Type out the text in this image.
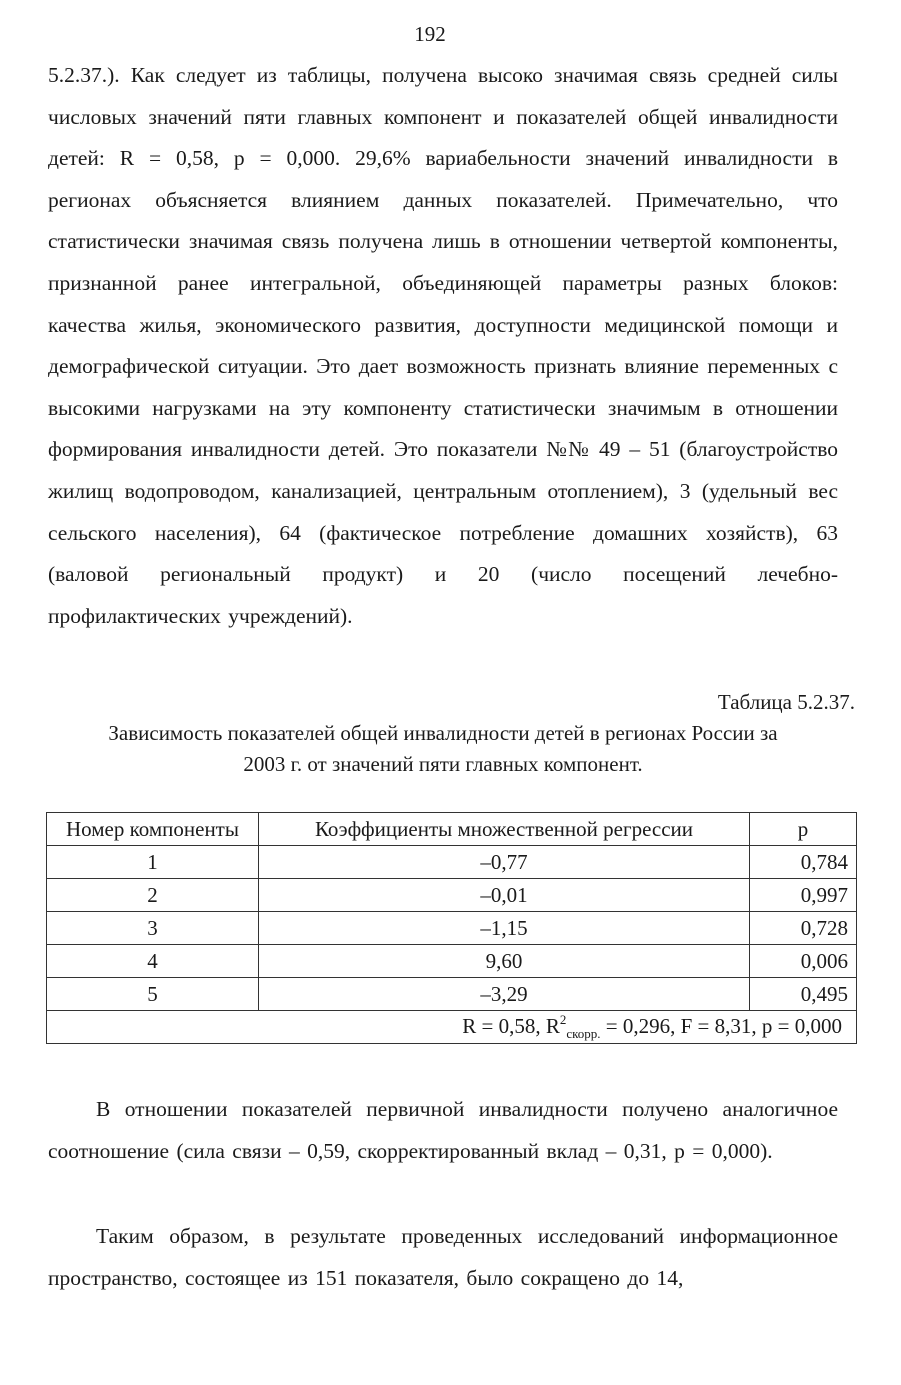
192
5.2.37.). Как следует из таблицы, получена высоко значимая связь средней силы числовых значений пяти главных компонент и показателей общей инвалидности детей: R = 0,58, p = 0,000. 29,6% вариабельности значений инвалидности в регионах объясняется влиянием данных показателей. Примечательно, что статистически значимая связь получена лишь в отношении четвертой компоненты, признанной ранее интегральной, объединяющей параметры разных блоков: качества жилья, экономического развития, доступности медицинской помощи и демографической ситуации. Это дает возможность признать влияние переменных с высокими нагрузками на эту компоненту статистически значимым в отношении формирования инвалидности детей. Это показатели №№ 49 – 51 (благоустройство жилищ водопроводом, канализацией, центральным отоплением), 3 (удельный вес сельского населения), 64 (фактическое потребление домашних хозяйств), 63 (валовой региональный продукт) и 20 (число посещений лечебно-профилактических учреждений).
Таблица 5.2.37.
Зависимость показателей общей инвалидности детей в регионах России за
2003 г. от значений пяти главных компонент.
Номер компоненты	Коэффициенты множественной регрессии	p
1	–0,77	0,784
2	–0,01	0,997
3	–1,15	0,728
4	9,60	0,006
5	–3,29	0,495
R = 0,58, $R^2_{скорр.} = 0,296$, F = 8,31, p = 0,000		
В отношении показателей первичной инвалидности получено аналогичное соотношение (сила связи – 0,59, скорректированный вклад – 0,31, p = 0,000).
Таким образом, в результате проведенных исследований информационное пространство, состоящее из 151 показателя, было сокращено до 14,
